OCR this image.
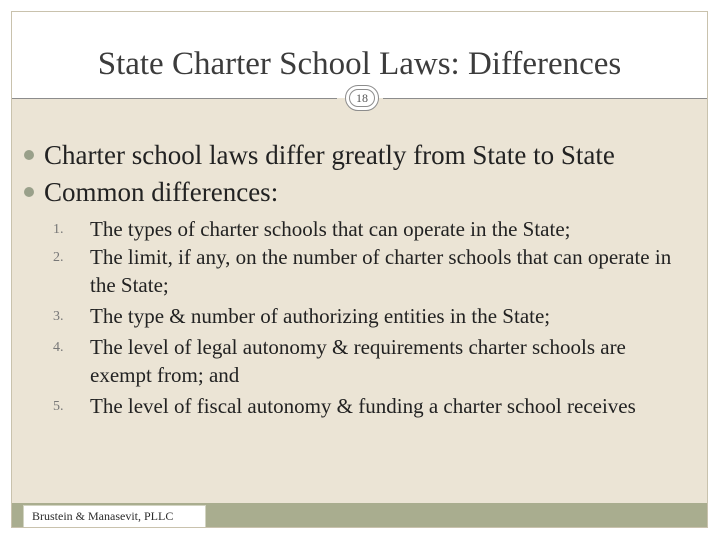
State Charter School Laws: Differences
18
Charter school laws differ greatly from State to State
Common differences:
1. The types of charter schools that can operate in the State;
2. The limit, if any, on the number of charter schools that can operate in the State;
3. The type & number of authorizing entities in the State;
4. The level of legal autonomy & requirements charter schools are exempt from; and
5. The level of fiscal autonomy & funding a charter school receives
Brustein & Manasevit, PLLC
